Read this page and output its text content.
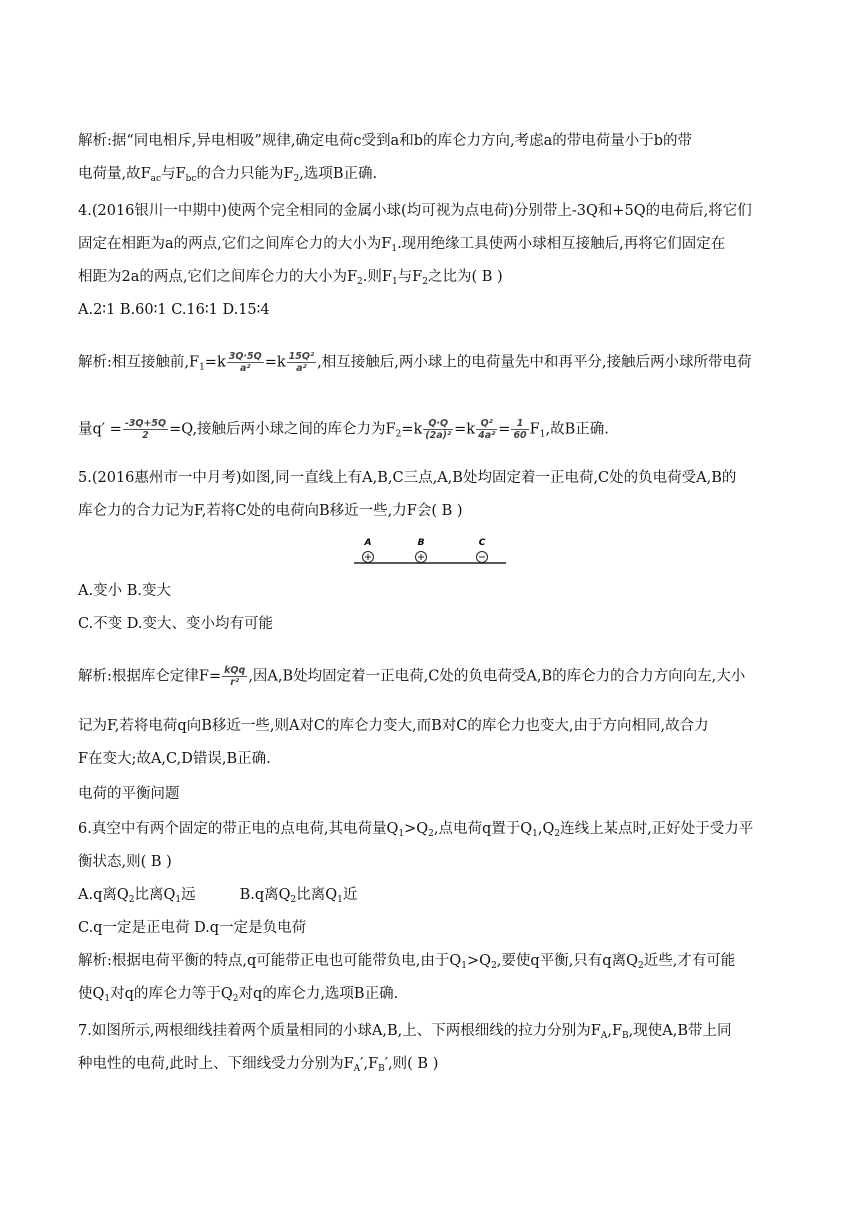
解析:据“同电相斥,异电相吸”规律,确定电荷c受到a和b的库仑力方向,考虑a的带电荷量小于b的带
电荷量,故$F_{ac}$与$F_{bc}$的合力只能为$F_2$,选项B正确.
4.(2016银川一中期中)使两个完全相同的金属小球(均可视为点电荷)分别带上-3Q和+5Q的电荷后,将它们
固定在相距为a的两点,它们之间库仑力的大小为$F_1$.现用绝缘工具使两小球相互接触后,再将它们固定在
相距为2a的两点,它们之间库仑力的大小为$F_2$.则$F_1$与$F_2$之比为( B )
A.2∶1 B.60∶1 C.16∶1 D.15∶4
解析:相互接触前$,F_1=k \frac{3Q\cdot 5Q}{\text{a²}} =k \frac{\text{15Q²}}{\text{a²}}$ ,相互接触后,两小球上的电荷量先中和再平分,接触后两小球所带电荷
量$q' = \frac{-3Q+5Q}{2} =Q$,接触后两小球之间的库仑力为$F_2=k \frac{Q\cdot Q}{\text{(2a)²}} =k \frac{\text{Q²}}{\text{4a²}} = \frac{1}{60} F_1$,故B正确.
5.(2016惠州市一中月考)如图,同一直线上有A,B,C三点,A,B处均固定着一正电荷,C处的负电荷受A,B的
库仑力的合力记为F,若将C处的电荷向B移近一些,力F会( B )
A	B	C
A.变小 B.变大
C.不变 D.变大、变小均有可能
解析:根据库仑定律$F= \frac{\text{kQq}}{\text{r²}}$ ,因A,B处均固定着一正电荷,C处的负电荷受A,B的库仑力的合力方向向左,大小
记为F,若将电荷q向B移近一些,则A对C的库仑力变大,而B对C的库仑力也变大,由于方向相同,故合力
F在变大;故A,C,D错误,B正确.
电荷的平衡问题
6.真空中有两个固定的带正电的点电荷,其电荷量$Q_1>Q_2$,点电荷q置于$Q_1,Q_2$连线上某点时,正好处于受力平
衡状态,则( B )
A.q离$Q_2$比离$Q_1$远	B.q离$Q_2$比离$Q_1$近
C.q一定是正电荷 D.q一定是负电荷
解析:根据电荷平衡的特点,q可能带正电也可能带负电,由于$Q_1>Q_2$,要使q平衡,只有q离$Q_2$近些,才有可能
使$Q_1$对q的库仑力等于$Q_2$对q的库仑力,选项B正确.
7.如图所示,两根细线挂着两个质量相同的小球A,B,上、下两根细线的拉力分别为$F_A,F_B$,现使A,B带上同
种电性的电荷,此时上、下细线受力分别为$F_A',F_B'$,则( B )
